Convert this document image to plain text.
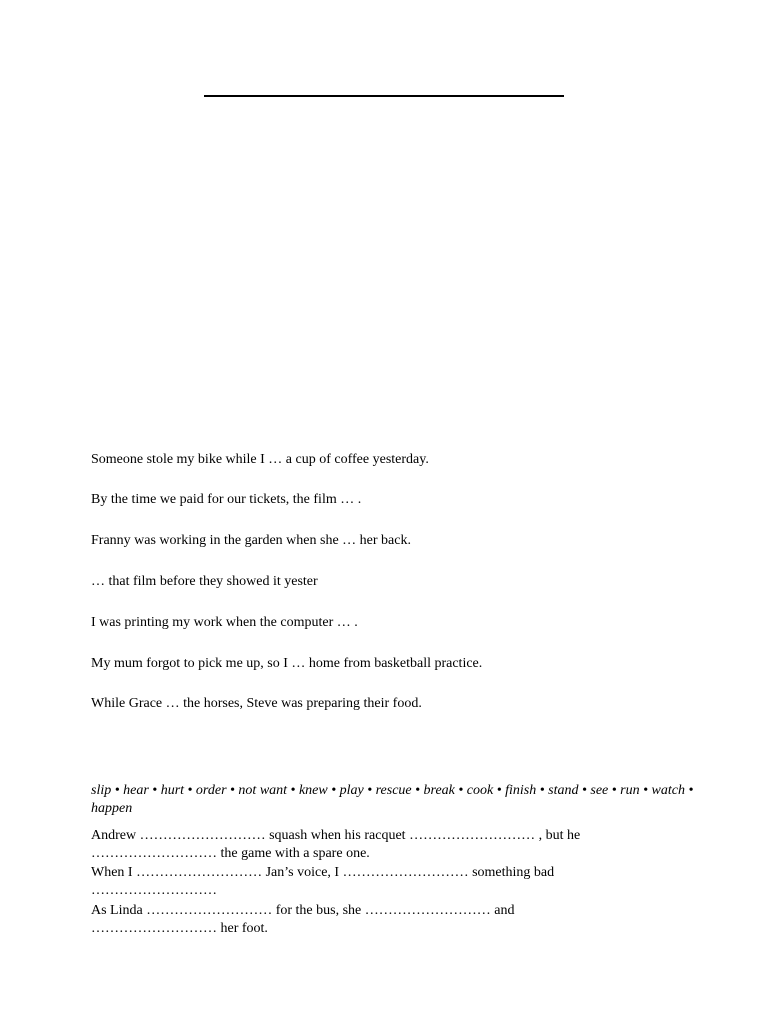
Someone stole my bike while I … a cup of coffee yesterday.
By the time we paid for our tickets, the film … .
Franny was working in the garden when she … her back.
… that film before they showed it yester
I was printing my work when the computer … .
My mum forgot to pick me up, so I … home from basketball practice.
While Grace … the horses, Steve was preparing their food.
slip • hear • hurt • order • not want • knew • play • rescue • break • cook • finish • stand • see • run • watch • happen
Andrew ……………………… squash when his racquet ……………………… , but he
……………………… the game with a spare one.
When I ……………………… Jan’s voice, I ……………………… something bad
………………………
As Linda ……………………… for the bus, she ……………………… and
……………………… her foot.
